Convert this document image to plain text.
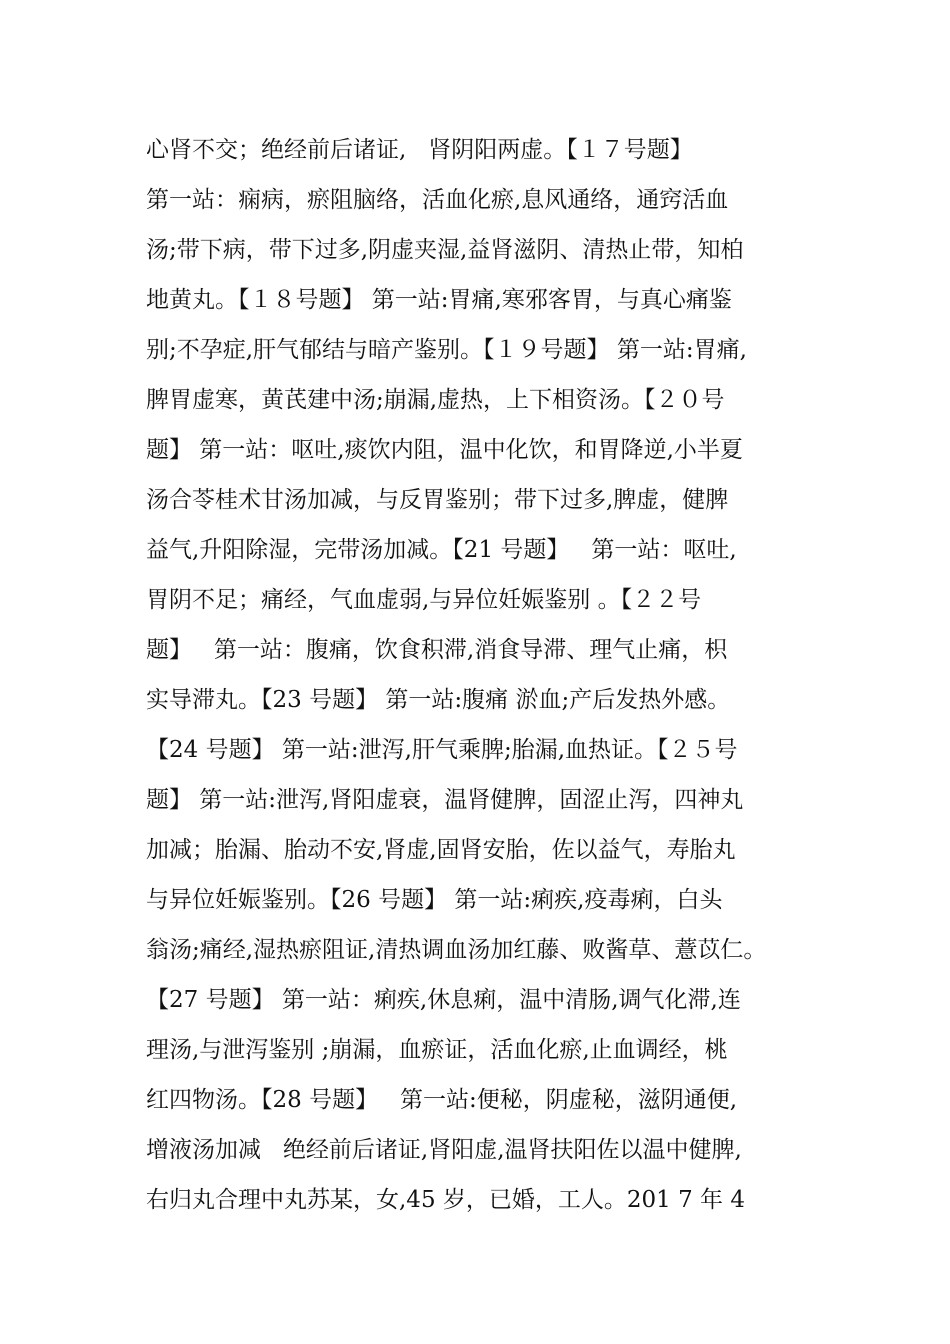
心肾不交；绝经前后诸证,   肾阴阳两虚。【１７号题】
第一站：痫病，瘀阻脑络，活血化瘀,息风通络，通窍活血
汤;带下病，带下过多,阴虚夹湿,益肾滋阴、清热止带，知柏
地黄丸。【１８号题】 第一站:胃痛,寒邪客胃，与真心痛鉴
别;不孕症,肝气郁结与暗产鉴别。【１９号题】 第一站:胃痛,
脾胃虚寒，黄芪建中汤;崩漏,虚热，上下相资汤。【２０号
题】 第一站：呕吐,痰饮内阻，温中化饮，和胃降逆,小半夏
汤合苓桂术甘汤加减，与反胃鉴别；带下过多,脾虚，健脾
益气,升阳除湿，完带汤加减。【21 号题】   第一站：呕吐,
胃阴不足；痛经，气血虚弱,与异位妊娠鉴别 。【２２号
题】   第一站：腹痛，饮食积滞,消食导滞、理气止痛，枳
实导滞丸。【23 号题】 第一站:腹痛 淤血;产后发热外感。
【24 号题】 第一站:泄泻,肝气乘脾;胎漏,血热证。【２５号
题】 第一站:泄泻,肾阳虚衰，温肾健脾，固涩止泻，四神丸
加减；胎漏、胎动不安,肾虚,固肾安胎，佐以益气，寿胎丸
与异位妊娠鉴别。【26 号题】 第一站:痢疾,疫毒痢，白头
翁汤;痛经,湿热瘀阻证,清热调血汤加红藤、败酱草、薏苡仁。
【27 号题】 第一站：痢疾,休息痢，温中清肠,调气化滞,连
理汤,与泄泻鉴别 ;崩漏，血瘀证，活血化瘀,止血调经，桃
红四物汤。【28 号题】   第一站:便秘，阴虚秘，滋阴通便,
增液汤加减   绝经前后诸证,肾阳虚,温肾扶阳佐以温中健脾,
右归丸合理中丸苏某，女,45 岁，已婚，工人。201 7 年 4
